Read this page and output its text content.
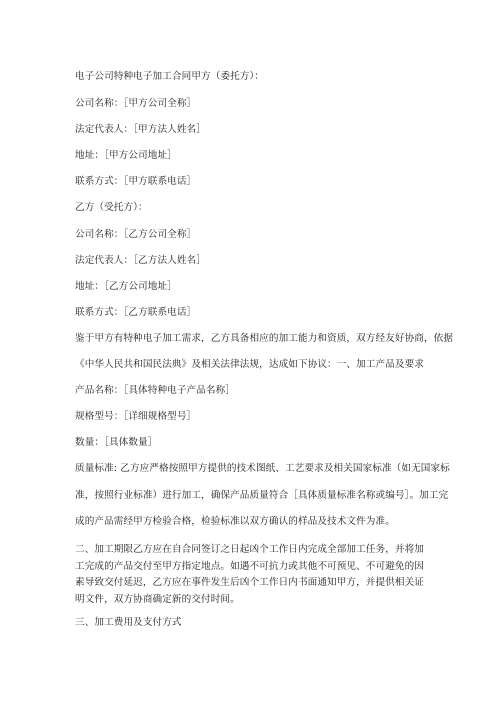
电子公司特种电子加工合同甲方（委托方）：
公司名称：［甲方公司全称］
法定代表人：［甲方法人姓名］
地址：［甲方公司地址］
联系方式：［甲方联系电话］
乙方（受托方）：
公司名称：［乙方公司全称］
法定代表人：［乙方法人姓名］
地址：［乙方公司地址］
联系方式：［乙方联系电话］
鉴于甲方有特种电子加工需求，乙方具备相应的加工能力和资质，双方经友好协商，依据
《中华人民共和国民法典》及相关法律法规，达成如下协议：一、加工产品及要求
产品名称：［具体特种电子产品名称］
规格型号：［详细规格型号］
数量：［具体数量］
质量标准: 乙方应严格按照甲方提供的技术图纸、工艺要求及相关国家标准（如无国家标
准，按照行业标准）进行加工，确保产品质量符合［具体质量标准名称或编号］。加工完
成的产品需经甲方检验合格，检验标准以双方确认的样品及技术文件为准。
二、加工期限乙方应在自合同签订之日起凶个工作日内完成全部加工任务，并将加工完成的产品交付至甲方指定地点。如遇不可抗力或其他不可预见、不可避免的因素导致交付延迟，乙方应在事件发生后凶个工作日内书面通知甲方，并提供相关证明文件，双方协商确定新的交付时间。
三、加工费用及支付方式
